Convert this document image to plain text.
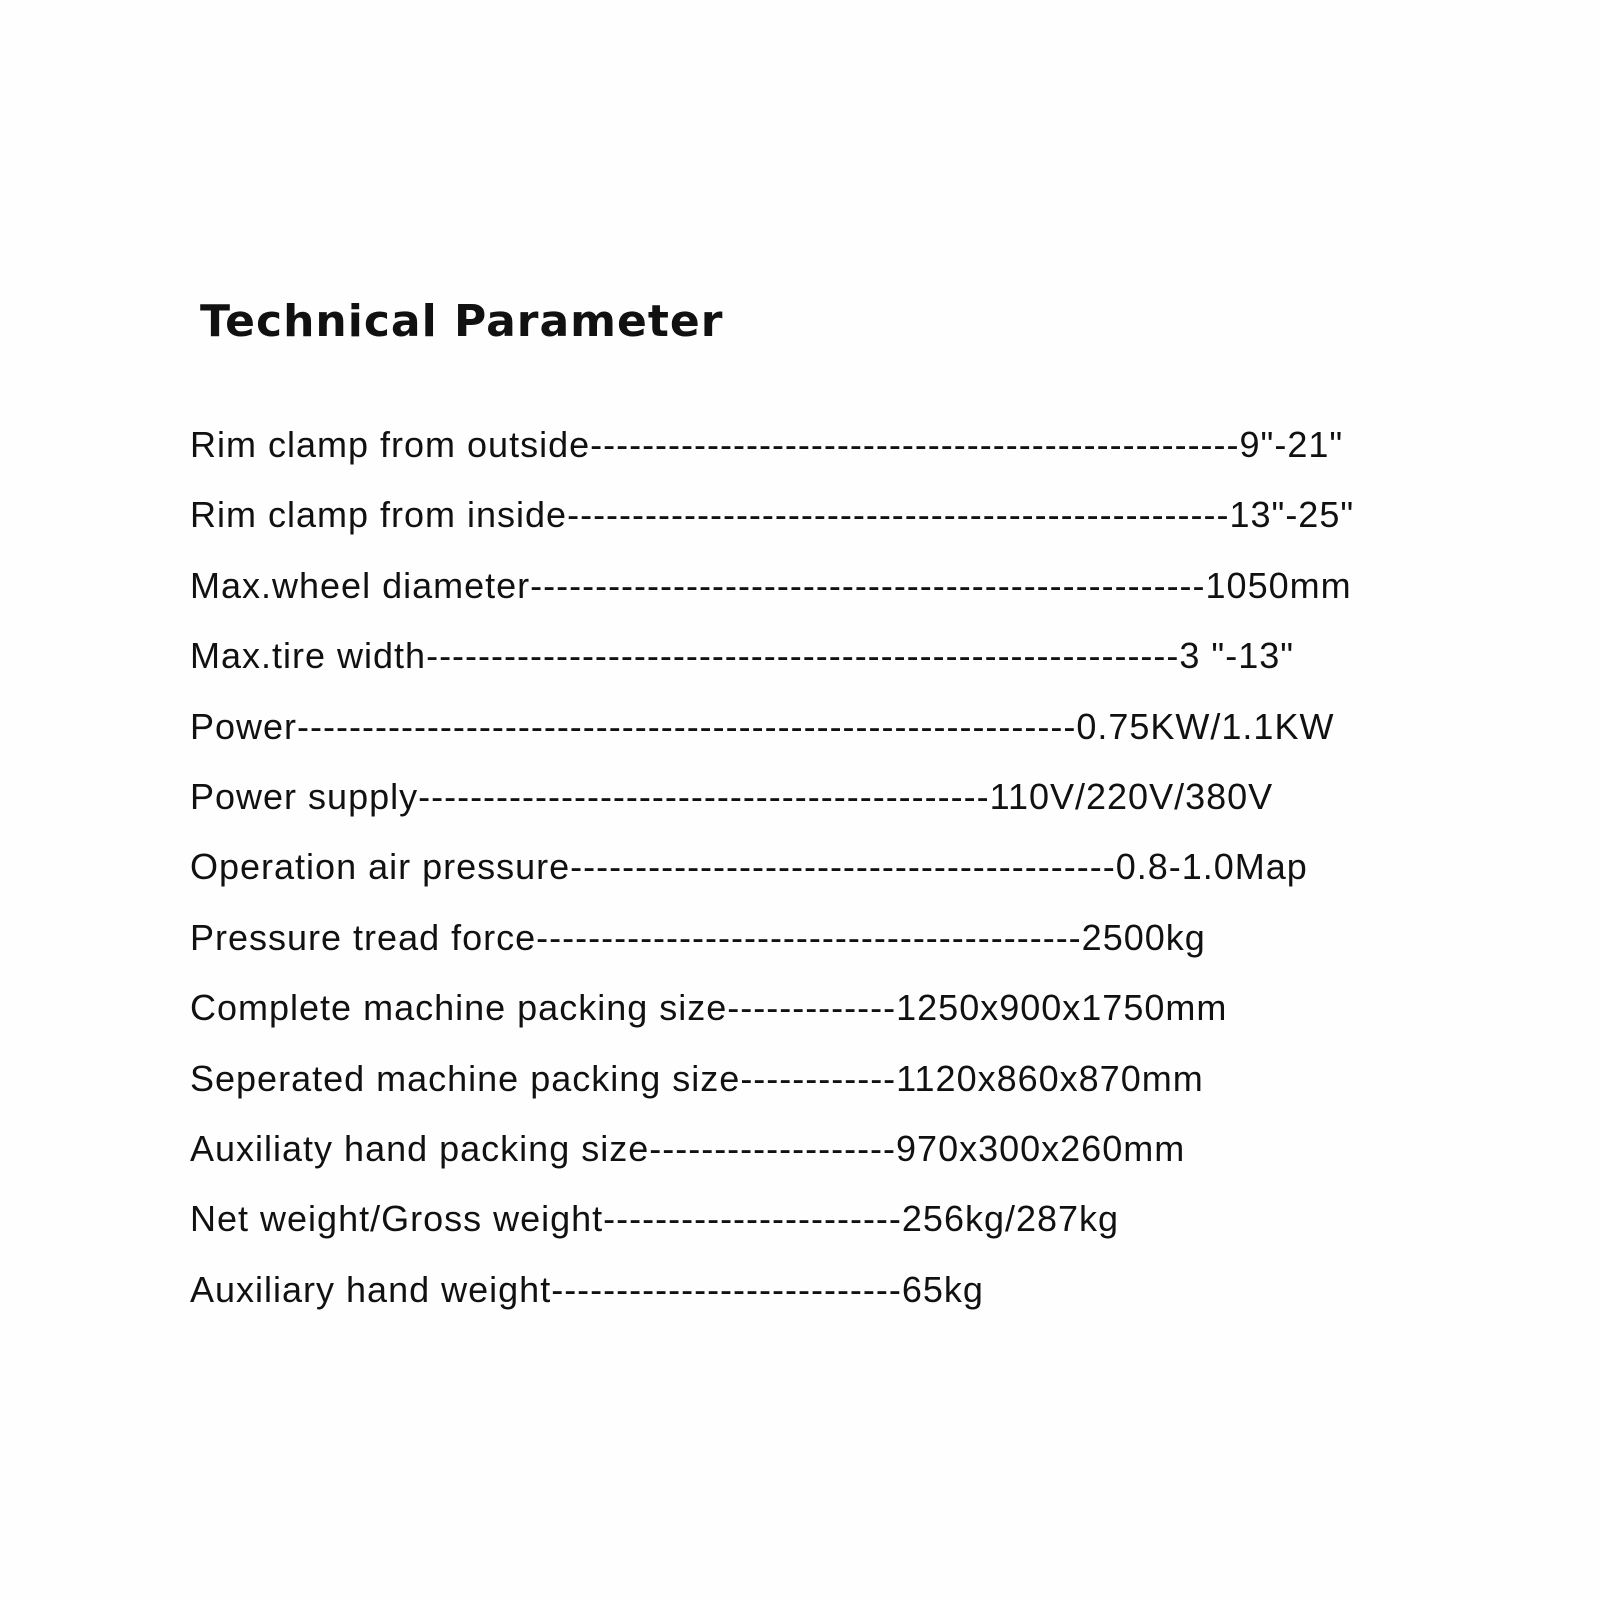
Technical Parameter
Rim clamp from outside -------------------------------------------------- 9"-21"
Rim clamp from inside --------------------------------------------------- 13"-25"
Max.wheel diameter ---------------------------------------------------- 1050mm
Max.tire width ---------------------------------------------------------- 3 "-13"
Power ------------------------------------------------------------ 0.75KW/1.1KW
Power supply -------------------------------------------- 110V/220V/380V
Operation air pressure ------------------------------------------ 0.8-1.0Map
Pressure tread force ------------------------------------------ 2500kg
Complete machine packing size ------------- 1250x900x1750mm
Seperated machine packing size ------------ 1120x860x870mm
Auxiliaty hand packing size ------------------- 970x300x260mm
Net weight/Gross weight ----------------------- 256kg/287kg
Auxiliary hand weight --------------------------- 65kg
